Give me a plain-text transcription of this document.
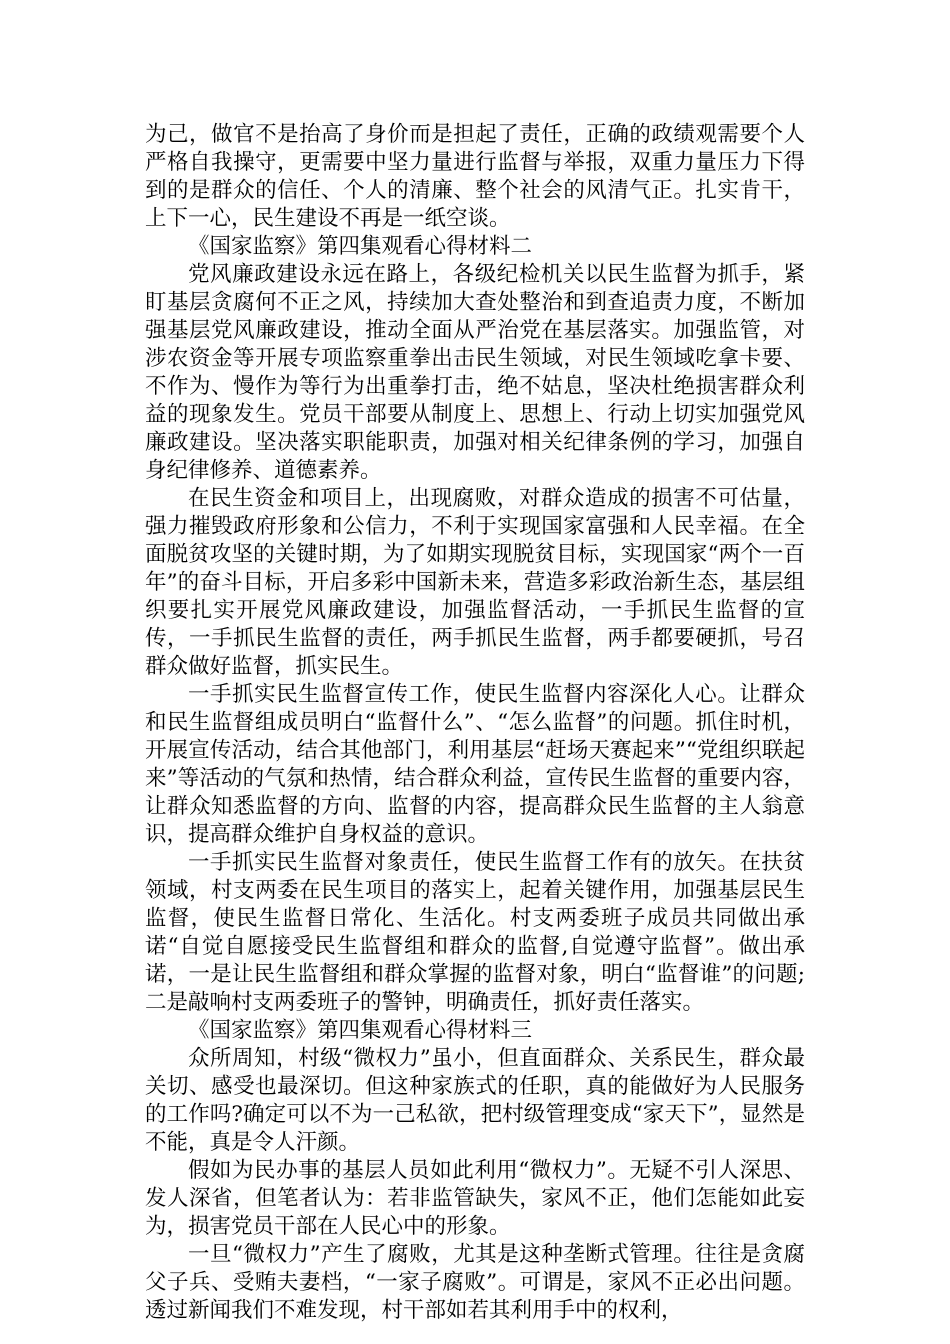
为己，做官不是抬高了身价而是担起了责任，正确的政绩观需要个人严格自我操守，更需要中坚力量进行监督与举报，双重力量压力下得到的是群众的信任、个人的清廉、整个社会的风清气正。扎实肯干，上下一心，民生建设不再是一纸空谈。

《国家监察》第四集观看心得材料二

党风廉政建设永远在路上，各级纪检机关以民生监督为抓手，紧盯基层贪腐何不正之风，持续加大查处整治和到查追责力度，不断加强基层党风廉政建设，推动全面从严治党在基层落实。加强监管，对涉农资金等开展专项监察重拳出击民生领域，对民生领域吃拿卡要、不作为、慢作为等行为出重拳打击，绝不姑息，坚决杜绝损害群众利益的现象发生。党员干部要从制度上、思想上、行动上切实加强党风廉政建设。坚决落实职能职责，加强对相关纪律条例的学习，加强自身纪律修养、道德素养。

在民生资金和项目上，出现腐败，对群众造成的损害不可估量，强力摧毁政府形象和公信力，不利于实现国家富强和人民幸福。在全面脱贫攻坚的关键时期，为了如期实现脱贫目标，实现国家“两个一百年”的奋斗目标，开启多彩中国新未来，营造多彩政治新生态，基层组织要扎实开展党风廉政建设，加强监督活动，一手抓民生监督的宣传，一手抓民生监督的责任，两手抓民生监督，两手都要硬抓，号召群众做好监督，抓实民生。

一手抓实民生监督宣传工作，使民生监督内容深化人心。让群众和民生监督组成员明白“监督什么”、“怎么监督”的问题。抓住时机，开展宣传活动，结合其他部门，利用基层“赶场天赛起来”“党组织联起来”等活动的气氛和热情，结合群众利益，宣传民生监督的重要内容，让群众知悉监督的方向、监督的内容，提高群众民生监督的主人翁意识，提高群众维护自身权益的意识。

一手抓实民生监督对象责任，使民生监督工作有的放矢。在扶贫领域，村支两委在民生项目的落实上，起着关键作用，加强基层民生监督，使民生监督日常化、生活化。村支两委班子成员共同做出承诺“自觉自愿接受民生监督组和群众的监督,自觉遵守监督”。做出承诺，一是让民生监督组和群众掌握的监督对象，明白“监督谁”的问题;二是敲响村支两委班子的警钟，明确责任，抓好责任落实。

《国家监察》第四集观看心得材料三

众所周知，村级“微权力”虽小，但直面群众、关系民生，群众最关切、感受也最深切。但这种家族式的任职，真的能做好为人民服务的工作吗?确定可以不为一己私欲，把村级管理变成“家天下”，显然是不能，真是令人汗颜。

假如为民办事的基层人员如此利用“微权力”。无疑不引人深思、发人深省，但笔者认为：若非监管缺失，家风不正，他们怎能如此妄为，损害党员干部在人民心中的形象。

一旦“微权力”产生了腐败，尤其是这种垄断式管理。往往是贪腐父子兵、受贿夫妻档，“一家子腐败”。可谓是，家风不正必出问题。透过新闻我们不难发现，村干部如若其利用手中的权利，
